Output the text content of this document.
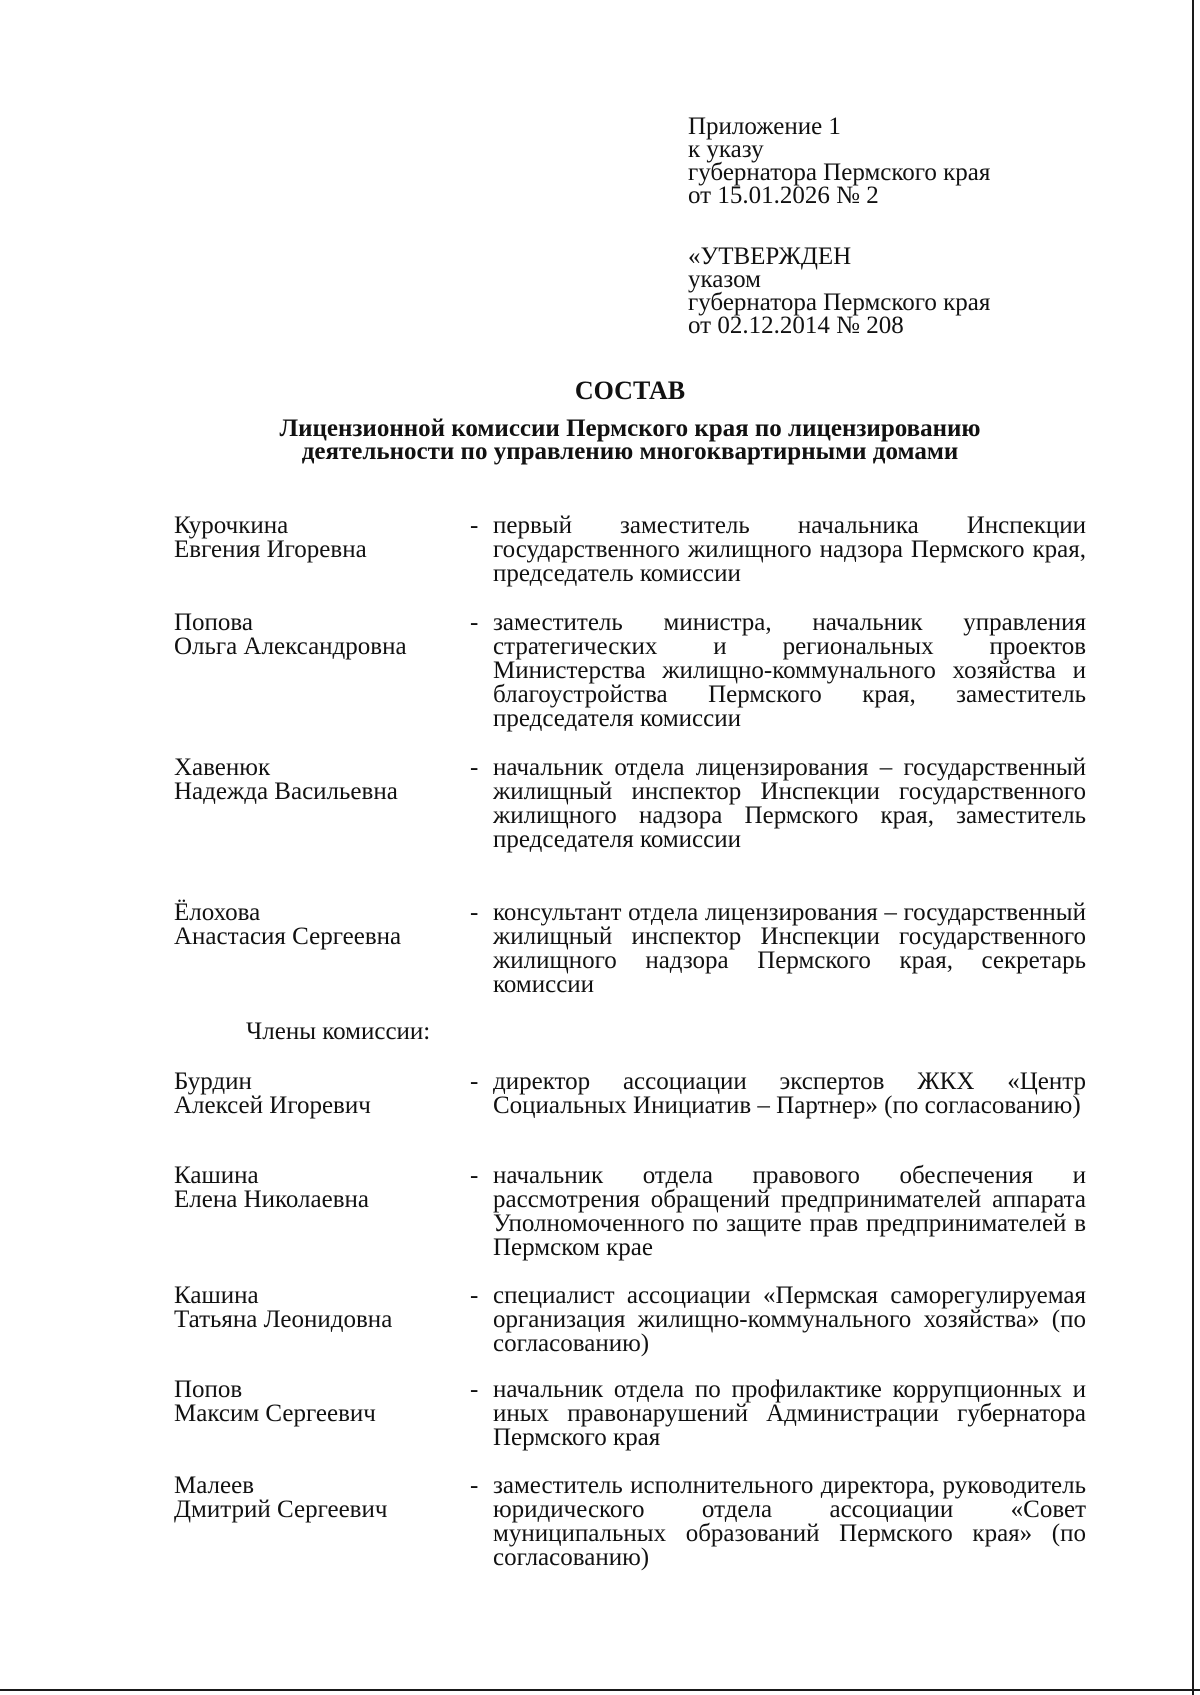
Приложение 1
к указу
губернатора Пермского края
от 15.01.2026 № 2
«УТВЕРЖДЕН
указом
губернатора Пермского края
от 02.12.2014 № 208
СОСТАВ
Лицензионной комиссии Пермского края по лицензированию
деятельности по управлению многоквартирными домами
Курочкина
Евгения Игоревна
- первый заместитель начальника Инспекции государственного жилищного надзора Пермского края, председатель комиссии
Попова
Ольга Александровна
- заместитель министра, начальник управления стратегических и региональных проектов Министерства жилищно-коммунального хозяйства и благоустройства Пермского края, заместитель председателя комиссии
Хавенюк
Надежда Васильевна
- начальник отдела лицензирования – государственный жилищный инспектор Инспекции государственного жилищного надзора Пермского края, заместитель председателя комиссии
Ёлохова
Анастасия Сергеевна
- консультант отдела лицензирования – государственный жилищный инспектор Инспекции государственного жилищного надзора Пермского края, секретарь комиссии
Члены комиссии:
Бурдин
Алексей Игоревич
- директор ассоциации экспертов ЖКХ «Центр Социальных Инициатив – Партнер» (по согласованию)
Кашина
Елена Николаевна
- начальник отдела правового обеспечения и рассмотрения обращений предпринимателей аппарата Уполномоченного по защите прав предпринимателей в Пермском крае
Кашина
Татьяна Леонидовна
- специалист ассоциации «Пермская саморегулируемая организация жилищно-коммунального хозяйства» (по согласованию)
Попов
Максим Сергеевич
- начальник отдела по профилактике коррупционных и иных правонарушений Администрации губернатора Пермского края
Малеев
Дмитрий Сергеевич
- заместитель исполнительного директора, руководитель юридического отдела ассоциации «Совет муниципальных образований Пермского края» (по согласованию)
